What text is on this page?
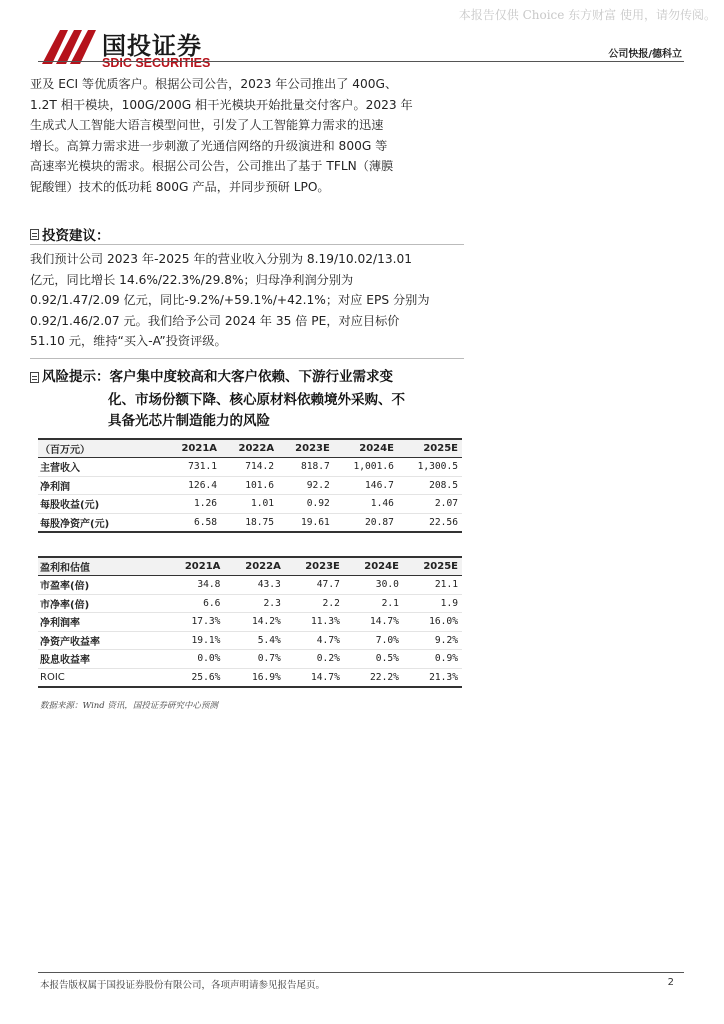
本报告仅供 Choice 东方财富 使用，请勿传阅。
国投证券
SDIC SECURITIES
公司快报/德科立
亚及 ECI 等优质客户。根据公司公告，2023 年公司推出了 400G、
1.2T 相干模块，100G/200G 相干光模块开始批量交付客户。2023 年
生成式人工智能大语言模型问世，引发了人工智能算力需求的迅速
增长。高算力需求进一步刺激了光通信网络的升级演进和 800G 等
高速率光模块的需求。根据公司公告，公司推出了基于 TFLN（薄膜
铌酸锂）技术的低功耗 800G 产品，并同步预研 LPO。
投资建议：
我们预计公司 2023 年-2025 年的营业收入分别为 8.19/10.02/13.01
亿元，同比增长 14.6%/22.3%/29.8%；归母净利润分别为
0.92/1.47/2.09 亿元，同比-9.2%/+59.1%/+42.1%；对应 EPS 分别为
0.92/1.46/2.07 元。我们给予公司 2024 年 35 倍 PE，对应目标价
51.10 元，维持“买入-A”投资评级。
风险提示： 客户集中度较高和大客户依赖、下游行业需求变
化、市场份额下降、核心原材料依赖境外采购、不
具备光芯片制造能力的风险
（百万元）	2021A	2022A	2023E	2024E	2025E
主营收入	731.1	714.2	818.7	1,001.6	1,300.5
净利润	126.4	101.6	92.2	146.7	208.5
每股收益(元)	1.26	1.01	0.92	1.46	2.07
每股净资产(元)	6.58	18.75	19.61	20.87	22.56
盈利和估值	2021A	2022A	2023E	2024E	2025E
市盈率(倍)	34.8	43.3	47.7	30.0	21.1
市净率(倍)	6.6	2.3	2.2	2.1	1.9
净利润率	17.3%	14.2%	11.3%	14.7%	16.0%
净资产收益率	19.1%	5.4%	4.7%	7.0%	9.2%
股息收益率	0.0%	0.7%	0.2%	0.5%	0.9%
ROIC	25.6%	16.9%	14.7%	22.2%	21.3%
数据来源：Wind 资讯，国投证券研究中心预测
本报告版权属于国投证券股份有限公司，各项声明请参见报告尾页。	2
